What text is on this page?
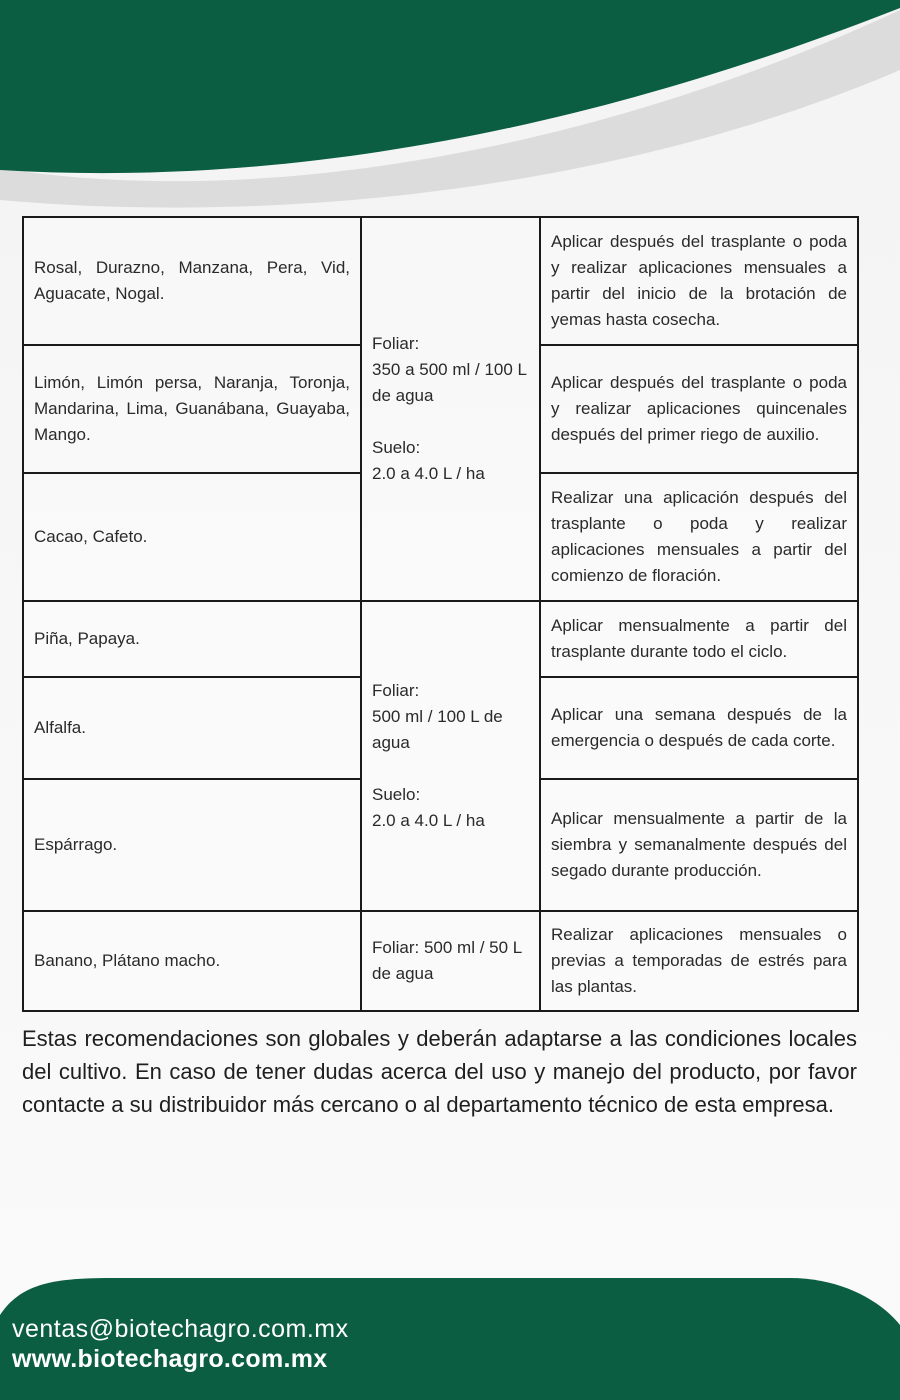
Rosal, Durazno, Manzana, Pera, Vid, Aguacate, Nogal.	Foliar:
350 a 500 ml / 100 L de agua

Suelo:
2.0 a 4.0 L / ha	Aplicar después del trasplante o poda y realizar aplicaciones mensuales a partir del inicio de la brotación de yemas hasta cosecha.
Limón, Limón persa, Naranja, Toronja, Mandarina, Lima, Guanábana, Guayaba, Mango.		Aplicar después del trasplante o poda y realizar aplicaciones quincenales después del primer riego de auxilio.
Cacao, Cafeto.		Realizar una aplicación después del trasplante o poda y realizar aplicaciones mensuales a partir del comienzo de floración.
Piña, Papaya.	Foliar:
500 ml / 100 L de agua

Suelo:
2.0 a 4.0 L / ha	Aplicar mensualmente a partir del trasplante durante todo el ciclo.
Alfalfa.		Aplicar una semana después de la emergencia o después de cada corte.
Espárrago.		Aplicar mensualmente a partir de la siembra y semanalmente después del segado durante producción.
Banano, Plátano macho.	Foliar: 500 ml / 50 L de agua	Realizar aplicaciones mensuales o previas a temporadas de estrés para las plantas.
Estas recomendaciones son globales y deberán adaptarse a las condiciones locales del cultivo. En caso de tener dudas acerca del uso y manejo del producto, por favor contacte a su distribuidor más cercano o al departamento técnico de esta empresa.
ventas@biotechagro.com.mx
www.biotechagro.com.mx
